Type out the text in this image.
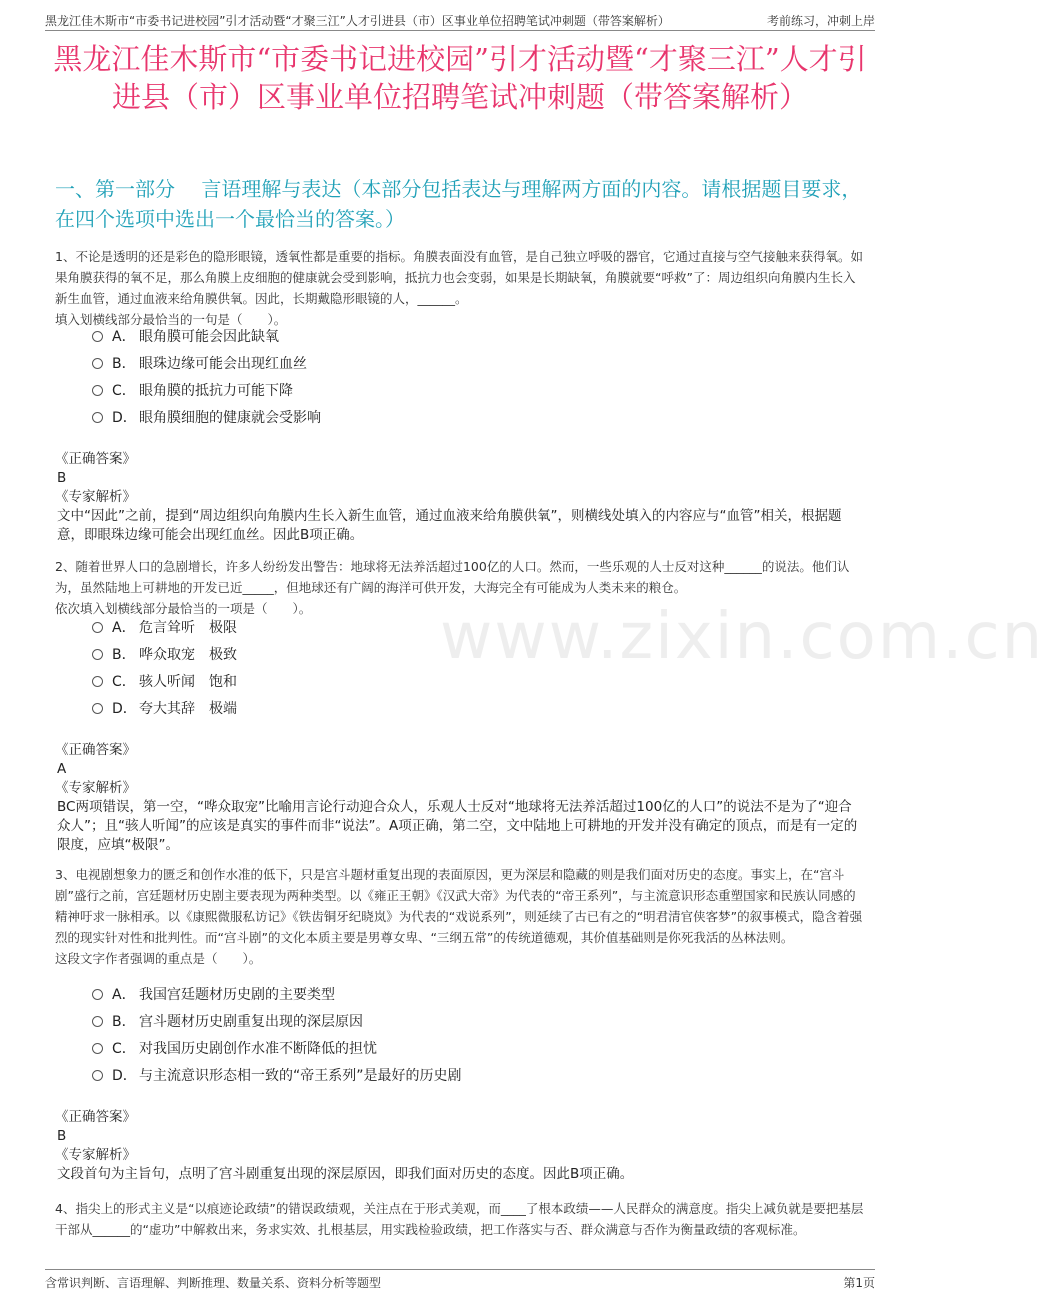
黑龙江佳木斯市“市委书记进校园”引才活动暨“才聚三江”人才引进县（市）区事业单位招聘笔试冲刺题（带答案解析）	考前练习，冲刺上岸
黑龙江佳木斯市“市委书记进校园”引才活动暨“才聚三江”人才引进县（市）区事业单位招聘笔试冲刺题（带答案解析）
一、第一部分　 言语理解与表达（本部分包括表达与理解两方面的内容。请根据题目要求，在四个选项中选出一个最恰当的答案。）
www.zixin.com.cn
1、不论是透明的还是彩色的隐形眼镜，透氧性都是重要的指标。角膜表面没有血管，是自己独立呼吸的器官，它通过直接与空气接触来获得氧。如果角膜获得的氧不足，那么角膜上皮细胞的健康就会受到影响，抵抗力也会变弱，如果是长期缺氧，角膜就要“呼救”了：周边组织向角膜内生长入新生血管，通过血液来给角膜供氧。因此，长期戴隐形眼镜的人，______。
填入划横线部分最恰当的一句是（　　）。
A． 眼角膜可能会因此缺氧
B． 眼珠边缘可能会出现红血丝
C． 眼角膜的抵抗力可能下降
D． 眼角膜细胞的健康就会受影响
《正确答案》
B
《专家解析》
文中“因此”之前，提到“周边组织向角膜内生长入新生血管，通过血液来给角膜供氧”，则横线处填入的内容应与“血管”相关，根据题意，即眼珠边缘可能会出现红血丝。因此B项正确。
2、随着世界人口的急剧增长，许多人纷纷发出警告：地球将无法养活超过100亿的人口。然而，一些乐观的人士反对这种______的说法。他们认为，虽然陆地上可耕地的开发已近_____，但地球还有广阔的海洋可供开发，大海完全有可能成为人类未来的粮仓。
依次填入划横线部分最恰当的一项是（　　）。
A． 危言耸听　极限
B． 哗众取宠　极致
C． 骇人听闻　饱和
D． 夸大其辞　极端
《正确答案》
A
《专家解析》
BC两项错误，第一空，“哗众取宠”比喻用言论行动迎合众人，乐观人士反对“地球将无法养活超过100亿的人口”的说法不是为了“迎合众人”；且“骇人听闻”的应该是真实的事件而非“说法”。A项正确，第二空，文中陆地上可耕地的开发并没有确定的顶点，而是有一定的限度，应填“极限”。
3、电视剧想象力的匮乏和创作水准的低下，只是宫斗题材重复出现的表面原因，更为深层和隐藏的则是我们面对历史的态度。事实上，在“宫斗剧”盛行之前，宫廷题材历史剧主要表现为两种类型。以《雍正王朝》《汉武大帝》为代表的“帝王系列”，与主流意识形态重塑国家和民族认同感的精神吁求一脉相承。以《康熙微服私访记》《铁齿铜牙纪晓岚》为代表的“戏说系列”，则延续了古已有之的“明君清官侠客梦”的叙事模式，隐含着强烈的现实针对性和批判性。而“宫斗剧”的文化本质主要是男尊女卑、“三纲五常”的传统道德观，其价值基础则是你死我活的丛林法则。
这段文字作者强调的重点是（　　）。
A． 我国宫廷题材历史剧的主要类型
B． 宫斗题材历史剧重复出现的深层原因
C． 对我国历史剧创作水准不断降低的担忧
D． 与主流意识形态相一致的“帝王系列”是最好的历史剧
《正确答案》
B
《专家解析》
文段首句为主旨句，点明了宫斗剧重复出现的深层原因，即我们面对历史的态度。因此B项正确。
4、指尖上的形式主义是“以痕迹论政绩”的错误政绩观，关注点在于形式美观，而____了根本政绩——人民群众的满意度。指尖上减负就是要把基层干部从______的“虚功”中解救出来，务求实效、扎根基层，用实践检验政绩，把工作落实与否、群众满意与否作为衡量政绩的客观标准。
含常识判断、言语理解、判断推理、数量关系、资料分析等题型	第1页
